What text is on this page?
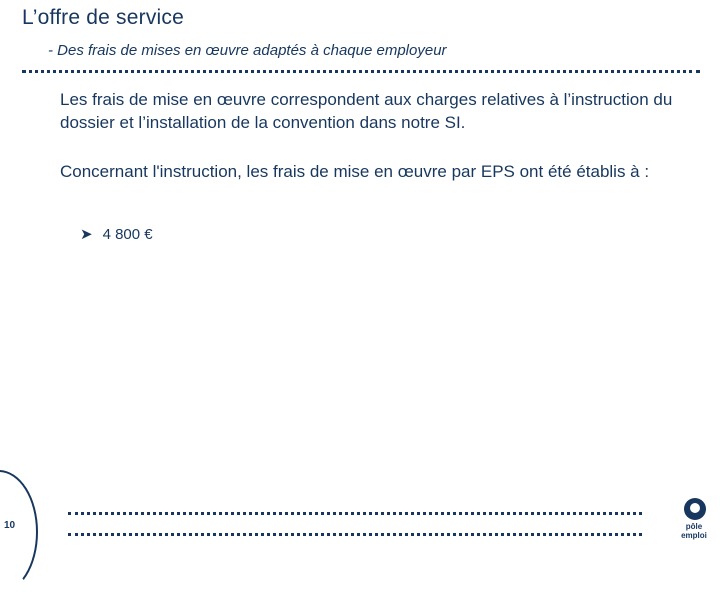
L’offre de service
- Des frais de mises en œuvre adaptés à chaque employeur
Les frais de mise en œuvre correspondent aux charges relatives à l’instruction du dossier et l’installation de la convention dans notre SI.
Concernant l'instruction, les frais de mise en œuvre par EPS ont été établis à :
➤ 4 800 €
10	pôle emploi
